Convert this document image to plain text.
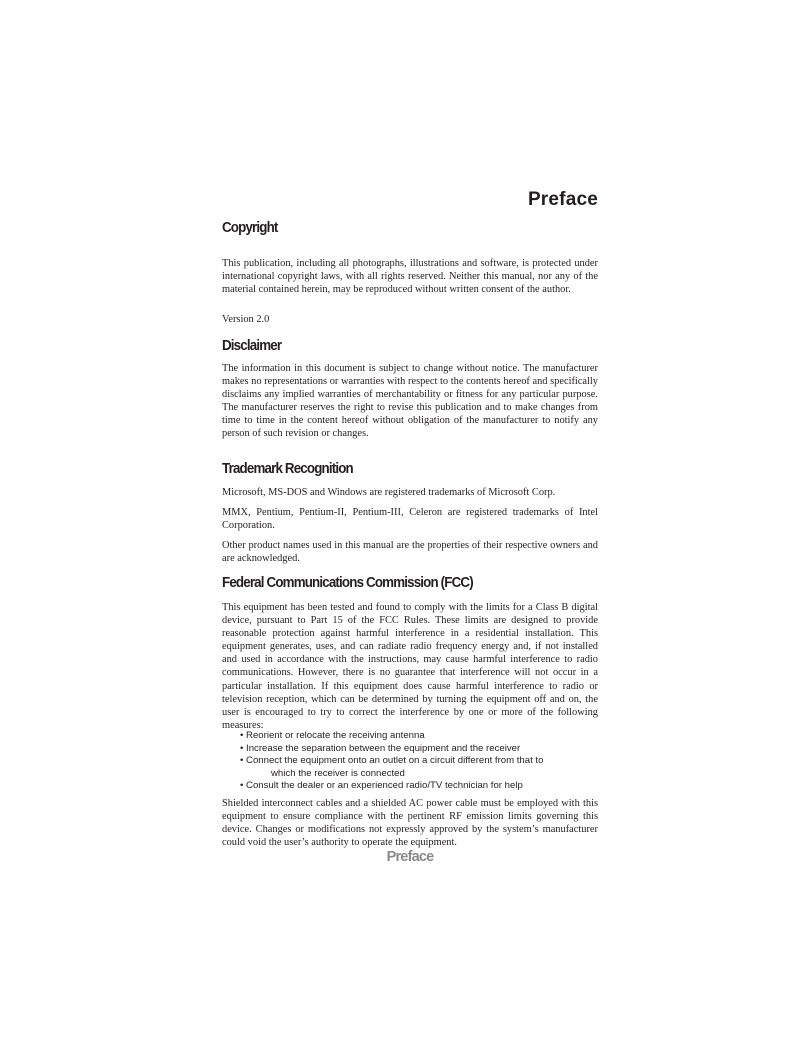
Preface
Copyright
This publication, including all photographs, illustrations and software, is protected under international copyright laws, with all rights reserved. Neither this manual, nor any of the material contained herein, may be reproduced without written consent of the author.
Version 2.0
Disclaimer
The information in this document is subject to change without notice. The manufacturer makes no representations or warranties with respect to the contents hereof and specifically disclaims any implied warranties of merchantability or fitness for any particular purpose. The manufacturer reserves the right to revise this publication and to make changes from time to time in the content hereof without obligation of the manufacturer to notify any person of such revision or changes.
Trademark Recognition
Microsoft, MS-DOS and Windows are registered trademarks of Microsoft Corp.
MMX, Pentium, Pentium-II, Pentium-III, Celeron are registered trademarks of Intel Corporation.
Other product names used in this manual are the properties of their respective owners and are acknowledged.
Federal Communications Commission (FCC)
This equipment has been tested and found to comply with the limits for a Class B digital device, pursuant to Part 15 of the FCC Rules. These limits are designed to provide reasonable protection against harmful interference in a residential installation. This equipment generates, uses, and can radiate radio frequency energy and, if not installed and used in accordance with the instructions, may cause harmful interference to radio communications. However, there is no guarantee that interference will not occur in a particular installation. If this equipment does cause harmful interference to radio or television reception, which can be determined by turning the equipment off and on, the user is encouraged to try to correct the interference by one or more of the following measures:
• Reorient or relocate the receiving antenna
• Increase the separation between the equipment and the receiver
• Connect the equipment onto an outlet on a circuit different from that to
which the receiver is connected
• Consult the dealer or an experienced radio/TV technician for help
Shielded interconnect cables and a shielded AC power cable must be employed with this equipment to ensure compliance with the pertinent RF emission limits governing this device. Changes or modifications not expressly approved by the system’s manufacturer could void the user’s authority to operate the equipment.
Preface
